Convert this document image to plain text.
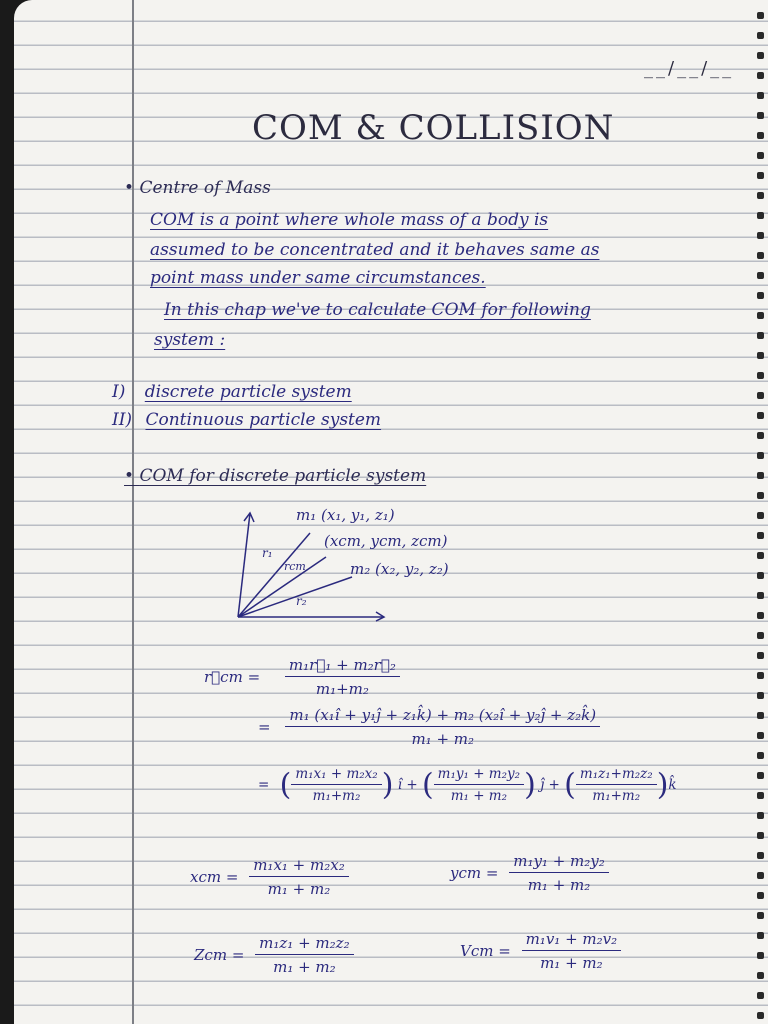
__/__/__
COM & COLLISION
• Centre of Mass
COM is a point where whole mass of a body is
assumed to be concentrated and it behaves same as
point mass under same circumstances.
In this chap we've to calculate COM for following
system :
I) discrete particle system
II) Continuous particle system
• COM for discrete particle system
m₁ (x₁, y₁, z₁)
(xcm, ycm, zcm)
m₂ (x₂, y₂, z₂)
r₁
rcm
r₂
r⃗cm = $\frac{\text{m₁r⃗₁ + m₂r⃗₂}}{\text{m₁+m₂}}$
= $\frac{\text{m₁ (x₁î + y₁ĵ + z₁k̂) + m₂ (x₂î + y₂ĵ + z₂k̂)}}{\text{m₁ + m₂}}$
= ( $\frac{\text{m₁x₁ + m₂x₂}}{\text{m₁+m₂}}$ ) î + ( $\frac{\text{m₁y₁ + m₂y₂}}{\text{m₁ + m₂}}$ ) ĵ + ( $\frac{\text{m₁z₁+m₂z₂}}{\text{m₁+m₂}}$ )k̂
xcm = $\frac{\text{m₁x₁ + m₂x₂}}{\text{m₁ + m₂}}$	ycm = $\frac{\text{m₁y₁ + m₂y₂}}{\text{m₁ + m₂}}$
Zcm = $\frac{\text{m₁z₁ + m₂z₂}}{\text{m₁ + m₂}}$	Vcm = $\frac{\text{m₁v₁ + m₂v₂}}{\text{m₁ + m₂}}$
